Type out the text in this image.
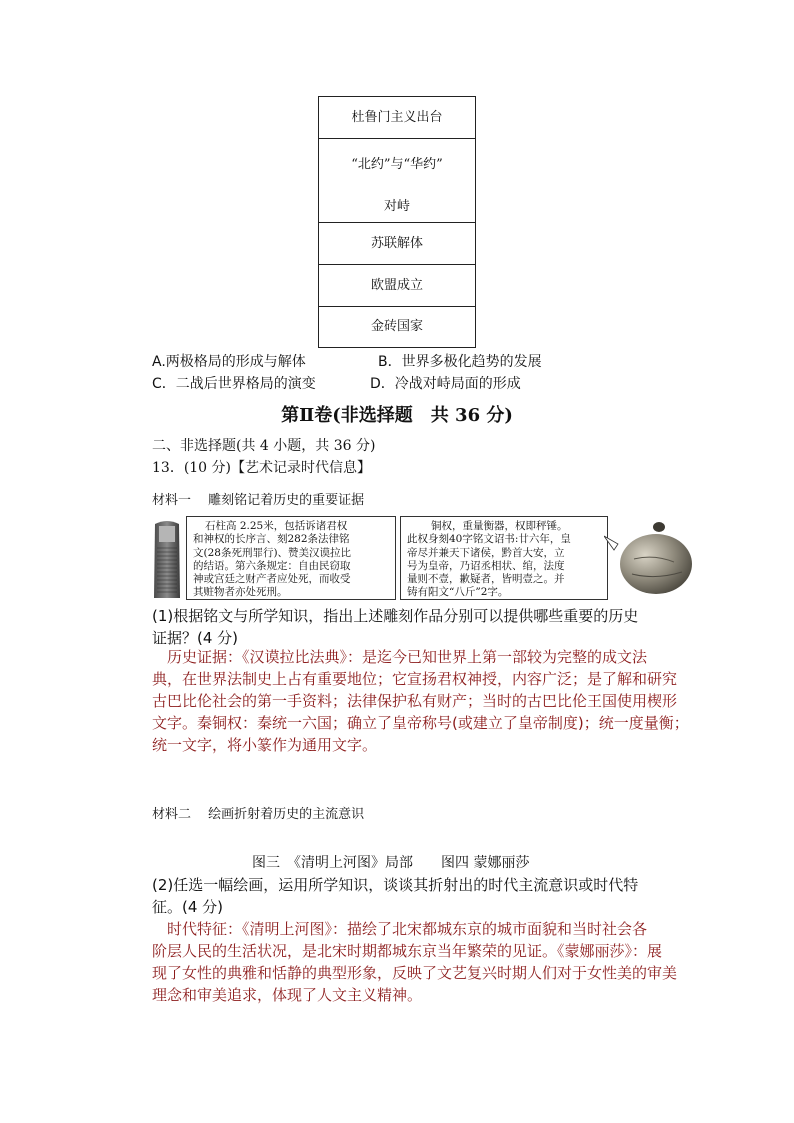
杜鲁门主义出台
“北约”与“华约”
对峙
苏联解体
欧盟成立
金砖国家
A.两极格局的形成与解体	B．世界多极化趋势的发展
C．二战后世界格局的演变	D．冷战对峙局面的形成
第Ⅱ卷(非选择题　共 36 分)
二、非选择题(共 4 小题，共 36 分)
13．(10 分)【艺术记录时代信息】
材料一　 雕刻铭记着历史的重要证据
石柱高 2.25米，包括诉诸君权
和神权的长序言、刻282条法律铭
文(28条死刑罪行)、赞美汉谟拉比
的结语。第六条规定：自由民窃取
神或宫廷之财产者应处死，而收受
其赃物者亦处死刑。
铜权，重量衡器，权即秤锤。
此权身刻40字铭文诏书:廿六年，皇
帝尽并兼天下诸侯，黔首大安，立
号为皇帝，乃诏丞相状、绾，法度
量则不壹，歉疑者，皆明壹之。并
铸有阳文“八斤”2字。
(1)根据铭文与所学知识，指出上述雕刻作品分别可以提供哪些重要的历史
证据？(4 分)
历史证据：《汉谟拉比法典》：是迄今已知世界上第一部较为完整的成文法
典，在世界法制史上占有重要地位；它宣扬君权神授，内容广泛；是了解和研究
古巴比伦社会的第一手资料；法律保护私有财产；当时的古巴比伦王国使用楔形
文字。秦铜权：秦统一六国；确立了皇帝称号(或建立了皇帝制度)；统一度量衡；
统一文字，将小篆作为通用文字。
材料二　 绘画折射着历史的主流意识
图三　《清明上河图》局部　　图四 蒙娜丽莎
(2)任选一幅绘画，运用所学知识，谈谈其折射出的时代主流意识或时代特
征。(4 分)
时代特征：《清明上河图》：描绘了北宋都城东京的城市面貌和当时社会各
阶层人民的生活状况，是北宋时期都城东京当年繁荣的见证。《蒙娜丽莎》：展
现了女性的典雅和恬静的典型形象，反映了文艺复兴时期人们对于女性美的审美
理念和审美追求，体现了人文主义精神。
